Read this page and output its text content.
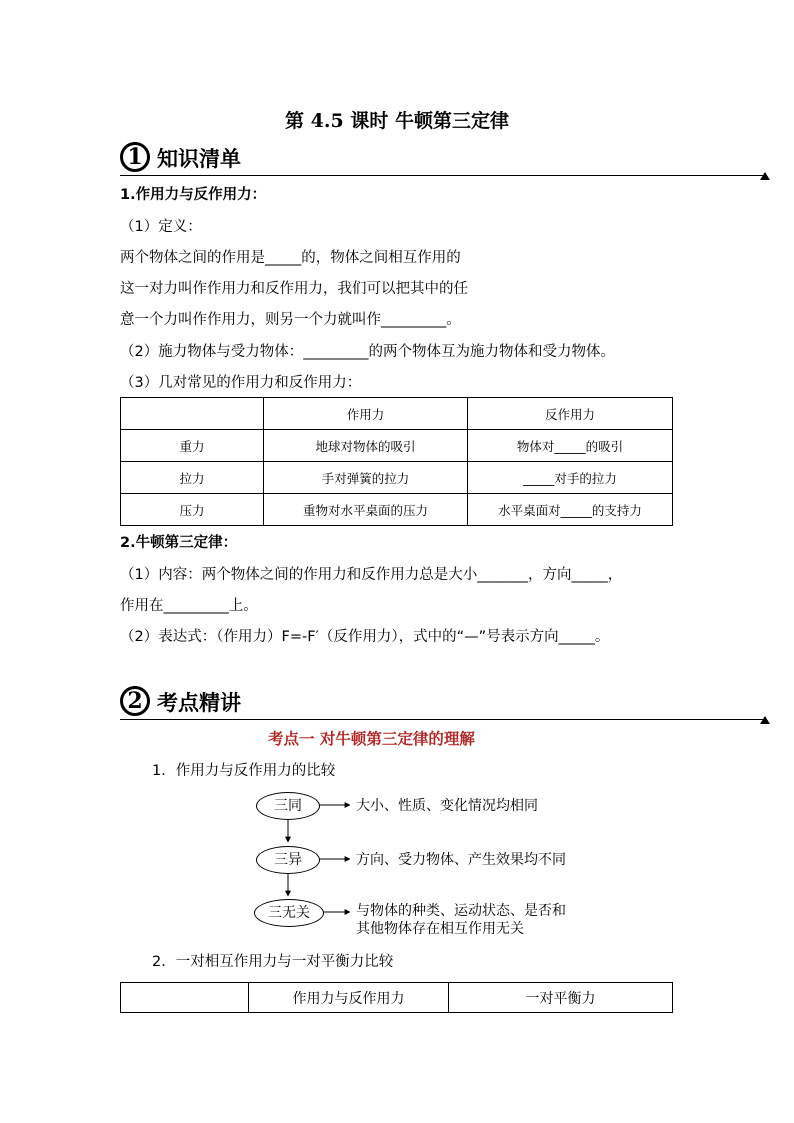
第 4.5 课时 牛顿第三定律
1 知识清单
1.作用力与反作用力：
（1）定义：
两个物体之间的作用是_____的，物体之间相互作用的
这一对力叫作作用力和反作用力，我们可以把其中的任
意一个力叫作作用力，则另一个力就叫作_________。
（2）施力物体与受力物体：_________的两个物体互为施力物体和受力物体。
（3）几对常见的作用力和反作用力：
	作用力	反作用力
重力	地球对物体的吸引	物体对_____的吸引
拉力	手对弹簧的拉力	_____对手的拉力
压力	重物对水平桌面的压力	水平桌面对_____的支持力
2.牛顿第三定律：
（1）内容：两个物体之间的作用力和反作用力总是大小_______，方向_____，
作用在_________上。
（2）表达式：（作用力）F=-F′（反作用力），式中的“—”号表示方向_____。
2 考点精讲
考点一 对牛顿第三定律的理解
1．作用力与反作用力的比较
三同
三异
三无关
大小、性质、变化情况均相同
方向、受力物体、产生效果均不同
与物体的种类、运动状态、是否和
其他物体存在相互作用无关
2．一对相互作用力与一对平衡力比较
	作用力与反作用力	一对平衡力
